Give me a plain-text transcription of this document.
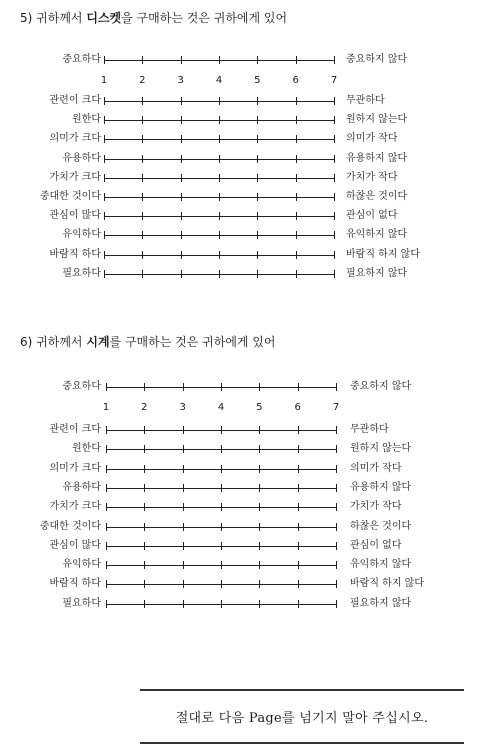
5) 귀하께서 디스켓을 구매하는 것은 귀하에게 있어
중요하다	중요하지 않다
1	2	3	4	5	6	7
관련이 크다	무관하다
원한다	원하지 않는다
의미가 크다	의미가 작다
유용하다	유용하지 않다
가치가 크다	가치가 작다
중대한 것이다	하찮은 것이다
관심이 많다	관심이 없다
유익하다	유익하지 않다
바람직 하다	바람직 하지 않다
필요하다	필요하지 않다
6) 귀하께서 시계를 구매하는 것은 귀하에게 있어
중요하다	중요하지 않다
1	2	3	4	5	6	7
관련이 크다	무관하다
원한다	원하지 않는다
의미가 크다	의미가 작다
유용하다	유용하지 않다
가치가 크다	가치가 작다
중대한 것이다	하찮은 것이다
관심이 많다	관심이 없다
유익하다	유익하지 않다
바람직 하다	바람직 하지 않다
필요하다	필요하지 않다
절대로 다음 Page를 넘기지 말아 주십시오.
